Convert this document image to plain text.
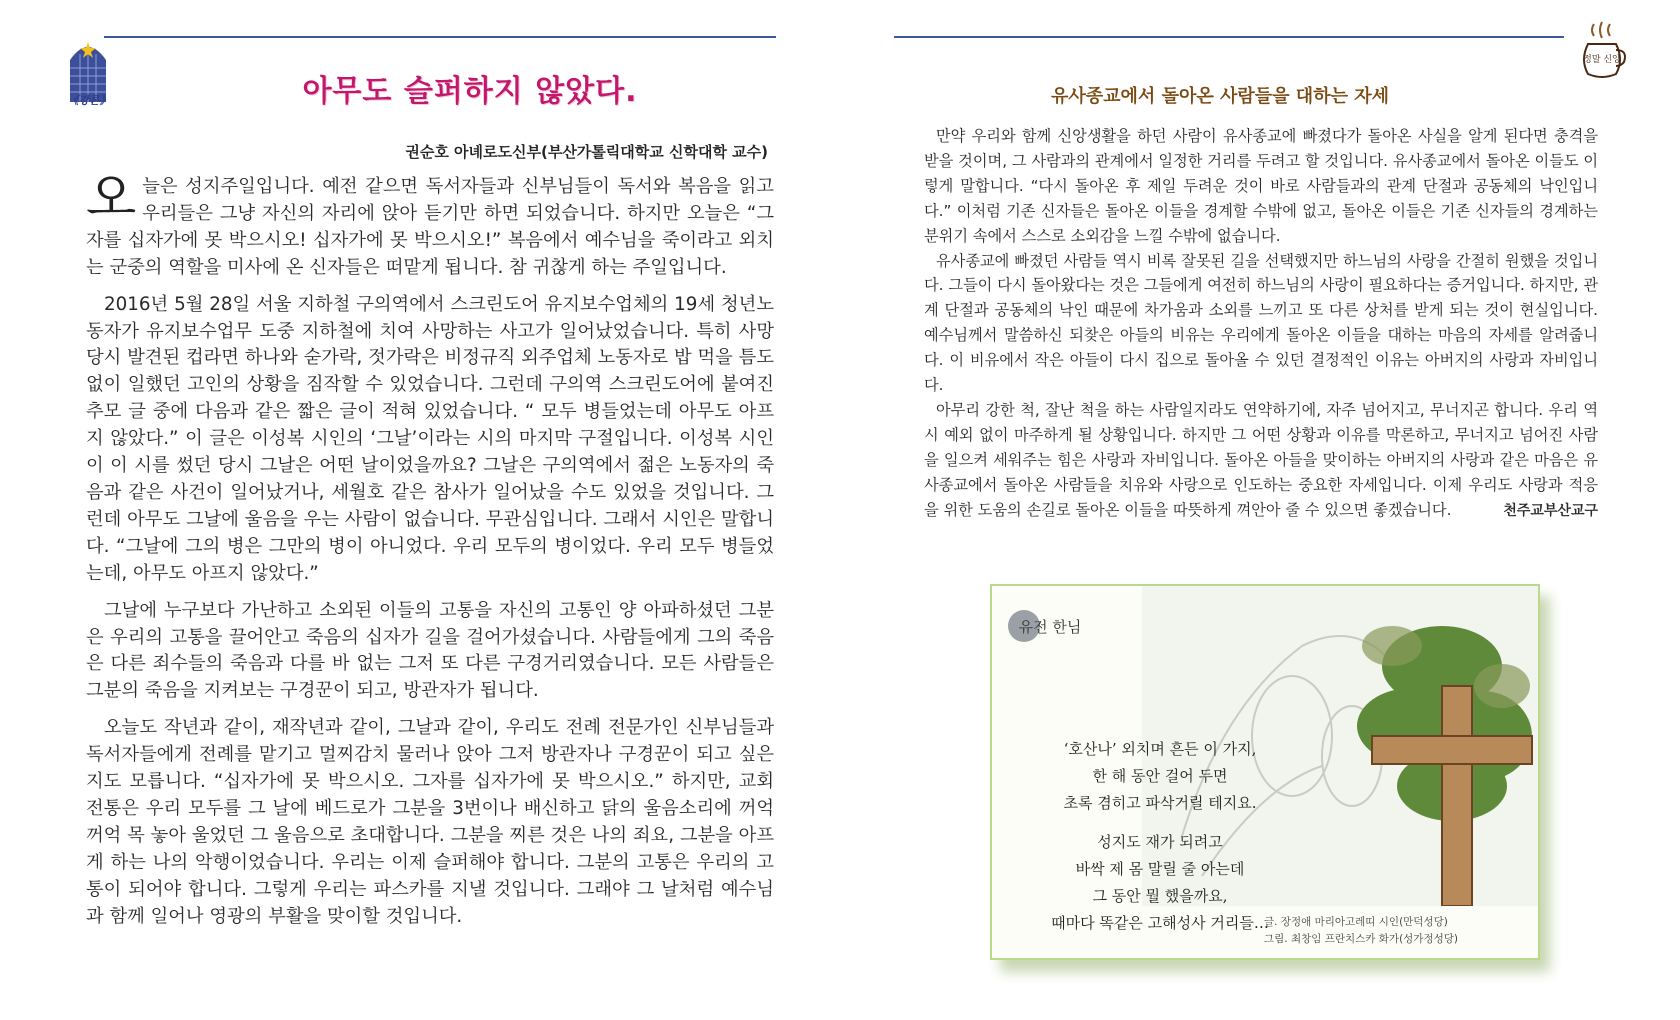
《강론》	아무도 슬퍼하지 않았다.
권순호 아녜로도신부(부산가톨릭대학교 신학대학 교수)

오늘은 성지주일입니다. 예전 같으면 독서자들과 신부님들이 독서와 복음을 읽고 우리들은 그냥 자신의 자리에 앉아 듣기만 하면 되었습니다. 하지만 오늘은 “그자를 십자가에 못 박으시오! 십자가에 못 박으시오!” 복음에서 예수님을 죽이라고 외치는 군중의 역할을 미사에 온 신자들은 떠맡게 됩니다. 참 귀찮게 하는 주일입니다.

2016년 5월 28일 서울 지하철 구의역에서 스크린도어 유지보수업체의 19세 청년노동자가 유지보수업무 도중 지하철에 치여 사망하는 사고가 일어났었습니다. 특히 사망 당시 발견된 컵라면 하나와 숟가락, 젓가락은 비정규직 외주업체 노동자로 밥 먹을 틈도 없이 일했던 고인의 상황을 짐작할 수 있었습니다. 그런데 구의역 스크린도어에 붙여진 추모 글 중에 다음과 같은 짧은 글이 적혀 있었습니다. “ 모두 병들었는데 아무도 아프지 않았다.” 이 글은 이성복 시인의 ‘그날’이라는 시의 마지막 구절입니다. 이성복 시인이 이 시를 썼던 당시 그날은 어떤 날이었을까요? 그날은 구의역에서 젊은 노동자의 죽음과 같은 사건이 일어났거나, 세월호 같은 참사가 일어났을 수도 있었을 것입니다. 그런데 아무도 그날에 울음을 우는 사람이 없습니다. 무관심입니다. 그래서 시인은 말합니다. “그날에 그의 병은 그만의 병이 아니었다. 우리 모두의 병이었다. 우리 모두 병들었는데, 아무도 아프지 않았다.”

그날에 누구보다 가난하고 소외된 이들의 고통을 자신의 고통인 양 아파하셨던 그분은 우리의 고통을 끌어안고 죽음의 십자가 길을 걸어가셨습니다. 사람들에게 그의 죽음은 다른 죄수들의 죽음과 다를 바 없는 그저 또 다른 구경거리였습니다. 모든 사람들은 그분의 죽음을 지켜보는 구경꾼이 되고, 방관자가 됩니다.

오늘도 작년과 같이, 재작년과 같이, 그날과 같이, 우리도 전례 전문가인 신부님들과 독서자들에게 전례를 맡기고 멀찌감치 물러나 앉아 그저 방관자나 구경꾼이 되고 싶은지도 모릅니다. “십자가에 못 박으시오. 그자를 십자가에 못 박으시오.” 하지만, 교회 전통은 우리 모두를 그 날에 베드로가 그분을 3번이나 배신하고 닭의 울음소리에 꺼억 꺼억 목 놓아 울었던 그 울음으로 초대합니다. 그분을 찌른 것은 나의 죄요, 그분을 아프게 하는 나의 악행이었습니다. 우리는 이제 슬퍼해야 합니다. 그분의 고통은 우리의 고통이 되어야 합니다. 그렇게 우리는 파스카를 지낼 것입니다. 그래야 그 날처럼 예수님과 함께 일어나 영광의 부활을 맞이할 것입니다.

정말 신앙
유사종교에서 돌아온 사람들을 대하는 자세

만약 우리와 함께 신앙생활을 하던 사람이 유사종교에 빠졌다가 돌아온 사실을 알게 된다면 충격을 받을 것이며, 그 사람과의 관계에서 일정한 거리를 두려고 할 것입니다. 유사종교에서 돌아온 이들도 이렇게 말합니다. “다시 돌아온 후 제일 두려운 것이 바로 사람들과의 관계 단절과 공동체의 낙인입니다.” 이처럼 기존 신자들은 돌아온 이들을 경계할 수밖에 없고, 돌아온 이들은 기존 신자들의 경계하는 분위기 속에서 스스로 소외감을 느낄 수밖에 없습니다.

유사종교에 빠졌던 사람들 역시 비록 잘못된 길을 선택했지만 하느님의 사랑을 간절히 원했을 것입니다. 그들이 다시 돌아왔다는 것은 그들에게 여전히 하느님의 사랑이 필요하다는 증거입니다. 하지만, 관계 단절과 공동체의 낙인 때문에 차가움과 소외를 느끼고 또 다른 상처를 받게 되는 것이 현실입니다. 예수님께서 말씀하신 되찾은 아들의 비유는 우리에게 돌아온 이들을 대하는 마음의 자세를 알려줍니다. 이 비유에서 작은 아들이 다시 집으로 돌아올 수 있던 결정적인 이유는 아버지의 사랑과 자비입니다.

아무리 강한 척, 잘난 척을 하는 사람일지라도 연약하기에, 자주 넘어지고, 무너지곤 합니다. 우리 역시 예외 없이 마주하게 될 상황입니다. 하지만 그 어떤 상황과 이유를 막론하고, 무너지고 넘어진 사람을 일으켜 세워주는 힘은 사랑과 자비입니다. 돌아온 아들을 맞이하는 아버지의 사랑과 같은 마음은 유사종교에서 돌아온 사람들을 치유와 사랑으로 인도하는 중요한 자세입니다. 이제 우리도 사랑과 적응을 위한 도움의 손길로 돌아온 이들을 따뜻하게 껴안아 줄 수 있으면 좋겠습니다.	천주교부산교구
유전 한님
‘호산나’ 외치며 흔든 이 가지,
한 해 동안 걸어 두면
초록 겸히고 파삭거릴 테지요.
성지도 재가 되려고
바싹 제 몸 말릴 줄 아는데
그 동안 뭘 했을까요,
때마다 똑같은 고해성사 거리들…
글. 장정애 마리아고레띠 시인(만덕성당)
그림. 최창임 프란치스카 화가(성가정성당)
